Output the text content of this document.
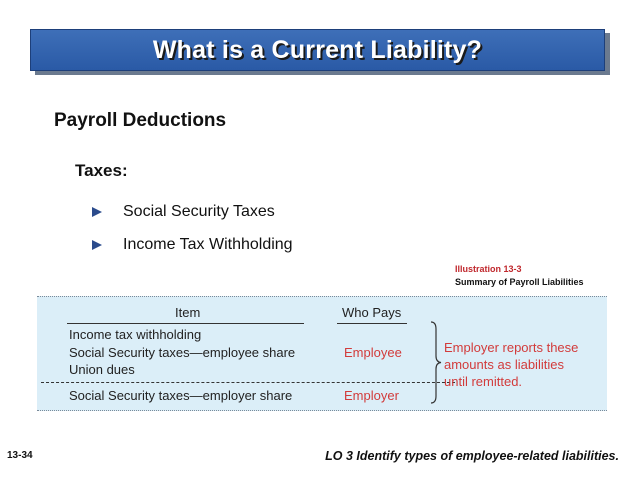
What is a Current Liability?
Payroll Deductions
Taxes:
Social Security Taxes
Income Tax Withholding
Illustration 13-3
Summary of Payroll Liabilities
Item	Who Pays
Income tax withholding
Social Security taxes—employee share	Employee
Union dues
Social Security taxes—employer share	Employer
Employer reports these
amounts as liabilities
until remitted.
13-34	LO 3 Identify types of employee-related liabilities.
